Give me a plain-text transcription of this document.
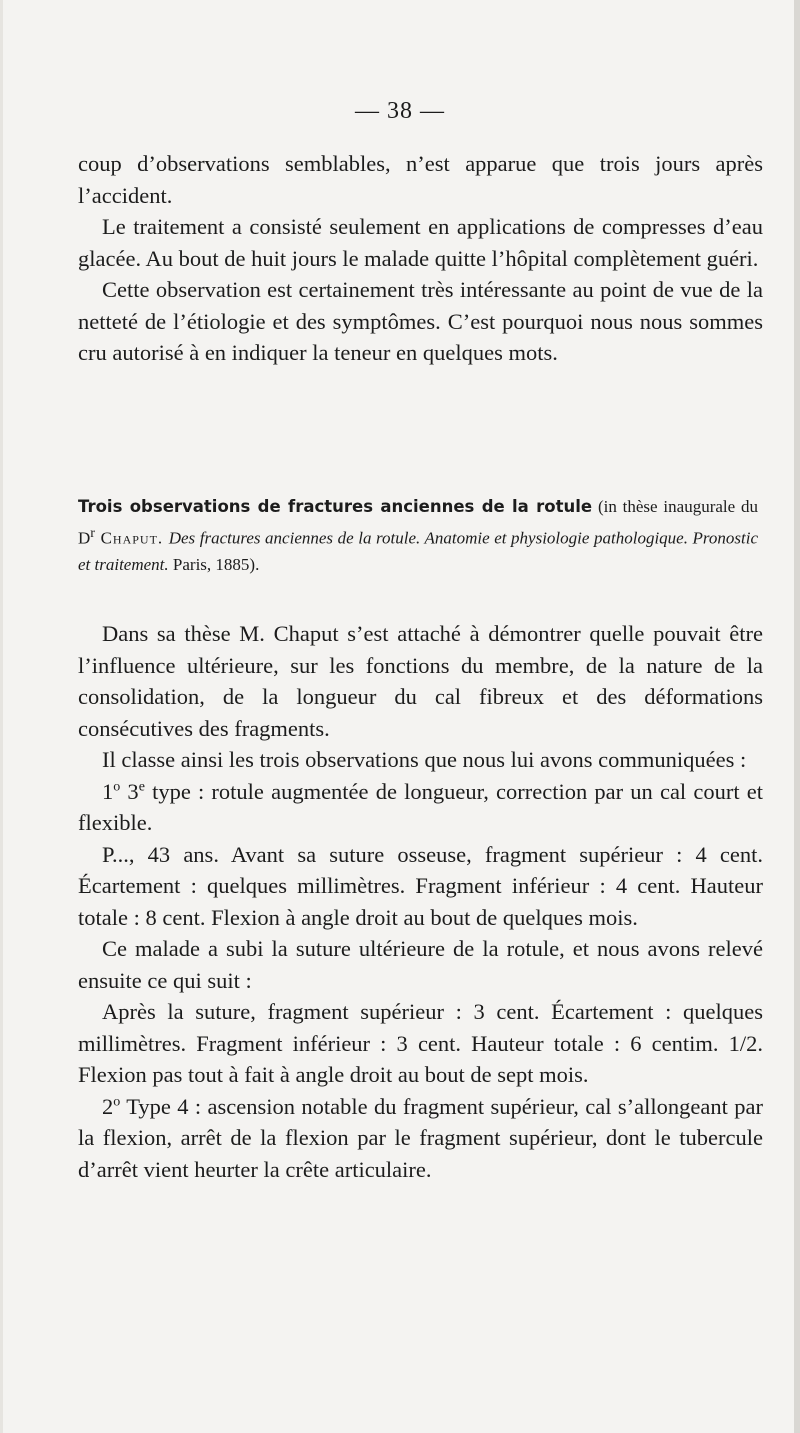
— 38 —

coup d’observations semblables, n’est apparue que trois jours après l’accident.

Le traitement a consisté seulement en applications de compresses d’eau glacée. Au bout de huit jours le malade quitte l’hôpital complètement guéri.

Cette observation est certainement très intéressante au point de vue de la netteté de l’étiologie et des symptômes. C’est pourquoi nous nous sommes cru autorisé à en indiquer la teneur en quelques mots.

Trois observations de fractures anciennes de la rotule (in thèse inaugurale du $D^r$ Chaput. Des fractures anciennes de la rotule. Anatomie et physiologie pathologique. Pronostic et traitement. Paris, 1885).

Dans sa thèse M. Chaput s’est attaché à démontrer quelle pouvait être l’influence ultérieure, sur les fonctions du membre, de la nature de la consolidation, de la longueur du cal fibreux et des déformations consécutives des fragments.

Il classe ainsi les trois observations que nous lui avons communiquées :

1$^o$ 3e type : rotule augmentée de longueur, correction par un cal court et flexible.

P..., 43 ans. Avant sa suture osseuse, fragment supérieur : 4 cent. Écartement : quelques millimètres. Fragment inférieur : 4 cent. Hauteur totale : 8 cent. Flexion à angle droit au bout de quelques mois.

Ce malade a subi la suture ultérieure de la rotule, et nous avons relevé ensuite ce qui suit :

Après la suture, fragment supérieur : 3 cent. Écartement : quelques millimètres. Fragment inférieur : 3 cent. Hauteur totale : 6 centim. 1/2. Flexion pas tout à fait à angle droit au bout de sept mois.

2$^o$ Type 4 : ascension notable du fragment supérieur, cal s’allongeant par la flexion, arrêt de la flexion par le fragment supérieur, dont le tubercule d’arrêt vient heurter la crête articulaire.
